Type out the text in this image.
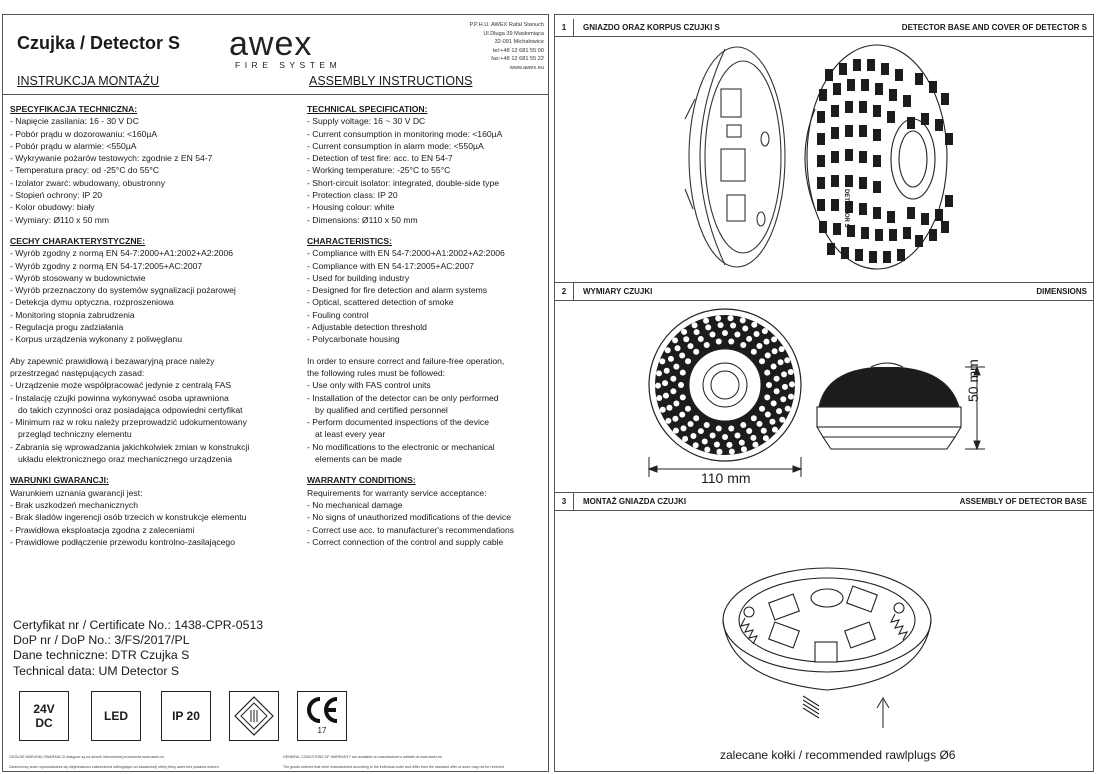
Czujka / Detector S awex
FIRE SYSTEM
P.P.H.U. AWEX Rafał Stanuch
Ul.Długa 39 Masłomiąca
32-091 Michałowice
tel:+48 12 681 55 00
fax:+48 12 681 55 22
www.awex.eu
INSTRUKCJA MONTAŻU	ASSEMBLY INSTRUCTIONS
SPECYFIKACJA TECHNICZNA:
- Napięcie zasilania: 16 - 30 V DC
- Pobór prądu w dozorowaniu: <160µA
- Pobór prądu w alarmie: <550µA
- Wykrywanie pożarów testowych: zgodnie z EN 54-7
- Temperatura pracy: od -25°C do 55°C
- Izolator zwarć: wbudowany, obustronny
- Stopień ochrony: IP 20
- Kolor obudowy: biały
- Wymiary: Ø110 x 50 mm
CECHY CHARAKTERYSTYCZNE:
- Wyrób zgodny z normą EN 54-7:2000+A1:2002+A2:2006
- Wyrób zgodny z normą EN 54-17:2005+AC:2007
- Wyrób stosowany w budownictwie
- Wyrób przeznaczony do systemów sygnalizacji pożarowej
- Detekcja dymu optyczna, rozproszeniowa
- Monitoring stopnia zabrudzenia
- Regulacja progu zadziałania
- Korpus urządzenia wykonany z poliwęglanu
Aby zapewnić prawidłową i bezawaryjną prace należy
przestrzegać następujących zasad:
- Urządzenie może współpracować jedynie z centralą FAS
- Instalację czujki powinna wykonywać osoba uprawniona
do takich czynności oraz posiadająca odpowiedni certyfikat
- Minimum raz w roku należy przeprowadzić udokumentowany
przegląd techniczny elementu
- Zabrania się wprowadzania jakichkolwiek zmian w konstrukcji
układu elektronicznego oraz mechanicznego urządzenia
WARUNKI GWARANCJI:
Warunkiem uznania gwarancji jest:
- Brak uszkodzeń mechanicznych
- Brak śladów ingerencji osób trzecich w konstrukcje elementu
- Prawidłowa eksploatacja zgodna z zaleceniami
- Prawidłowe podłączenie przewodu kontrolno-zasilającego
TECHNICAL SPECIFICATION:
- Supply voltage: 16 ~ 30 V DC
- Current consumption in monitoring mode: <160µA
- Current consumption in alarm mode: <550µA
- Detection of test fire: acc. to EN 54-7
- Working temperature: -25°C to 55°C
- Short-circuit isolator: integrated, double-side type
- Protection class: IP 20
- Housing colour: white
- Dimensions: Ø110 x 50 mm
CHARACTERISTICS:
- Compliance with EN 54-7:2000+A1:2002+A2:2006
- Compliance with EN 54-17:2005+AC:2007
- Used for building industry
- Designed for fire detection and alarm systems
- Optical, scattered detection of smoke
- Fouling control
- Adjustable detection threshold
- Polycarbonate housing
In order to ensure correct and failure-free operation,
the following rules must be followed:
- Use only with FAS control units
- Installation of the detector can be only performed
by qualified and certified personnel
- Perform documented inspections of the device
at least every year
- No modifications to the electronic or mechanical
elements can be made
WARRANTY CONDITIONS:
Requirements for warranty service acceptance:
- No mechanical damage
- No signs of unauthorized modifications of the device
- Correct use acc. to manufacturer's recommendations
- Correct connection of the control and supply cable
Certyfikat nr / Certificate No.: 1438-CPR-0513
DoP nr / DoP No.: 3/FS/2017/PL
Dane techniczne: DTR Czujka S
Technical data: UM Detector S
24V
DC	LED	IP 20
17
OGÓLNE WARUNKI GWARANCJI dostępne są na stronie internetowej producenta www.awex.eu
Zastrzeżony znam wprowadzania się niejednakowo zastrzeżenia odbiegające od zasadniczej oferty firmy awex bez podania ostrzeń
GENERAL CONDITIONS OF WARRANTY are available on manufacturer's website at www.awex.eu
The goods ordered that were manufactured according to the individual order and differ from the standard offer of awex may not be returned
1	GNIAZDO ORAZ KORPUS CZUJKI S	DETECTOR BASE AND COVER OF DETECTOR S
DETECTOR S
2	WYMIARY CZUJKI	DIMENSIONS
110 mm
50 mm
3	MONTAŻ GNIAZDA CZUJKI	ASSEMBLY OF DETECTOR BASE
zalecane kołki / recommended rawlplugs Ø6
